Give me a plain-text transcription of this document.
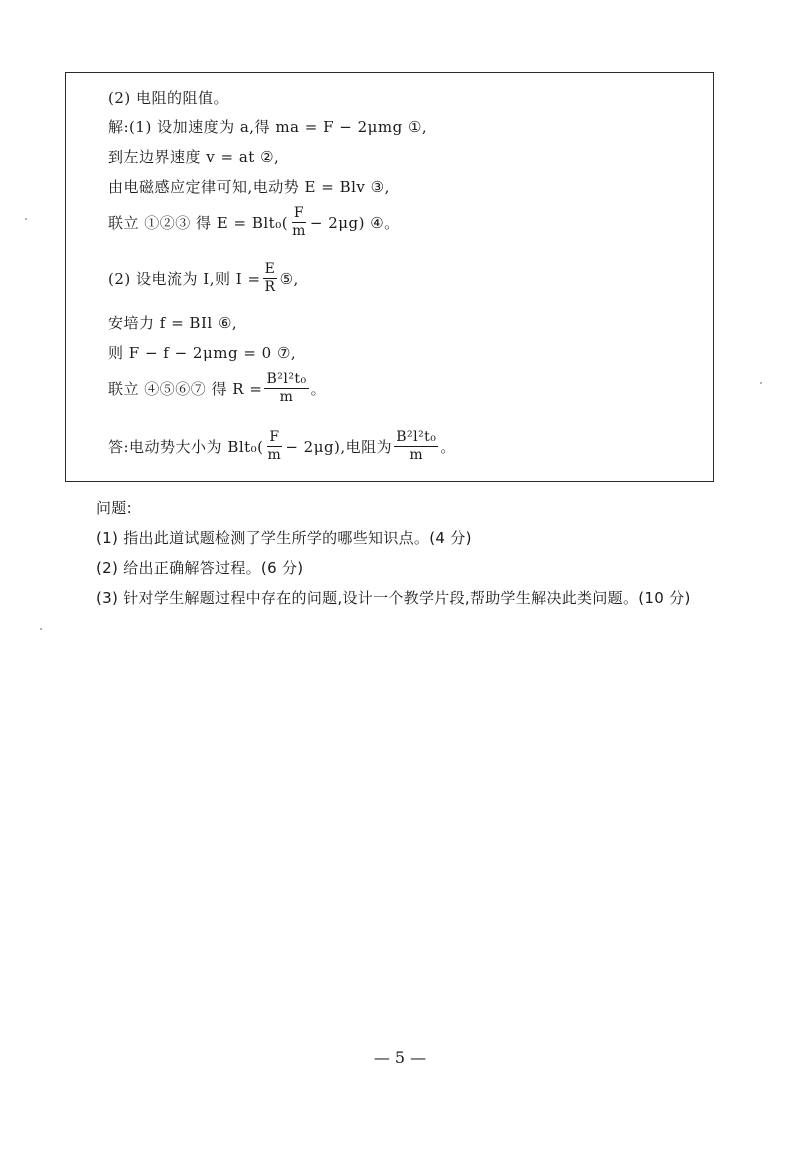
(2) 电阻的阻值。
解:(1) 设加速度为 a,得 ma = F − 2μmg ①,
到左边界速度 v = at ②,
由电磁感应定律可知,电动势 E = Blv ③,
联立 ①②③ 得 $E = Blt_0( \frac{F}{m} - 2\mu g)$ ④。
(2) 设电流为 I,则 $I = \frac{E}{R}$ ⑤,
安培力 f = BIl ⑥,
则 F − f − 2μmg = 0 ⑦,
联立 ④⑤⑥⑦ 得 $R = \frac{\text{B²l²t₀}}{m}$ 。
答:电动势大小为 $Blt_0( \frac{F}{m} - 2\mu g)$,电阻为 $\frac{\text{B²l²t₀}}{m}$ 。
问题:
(1) 指出此道试题检测了学生所学的哪些知识点。(4 分)
(2) 给出正确解答过程。(6 分)
(3) 针对学生解题过程中存在的问题,设计一个教学片段,帮助学生解决此类问题。(10 分)
— 5 —
